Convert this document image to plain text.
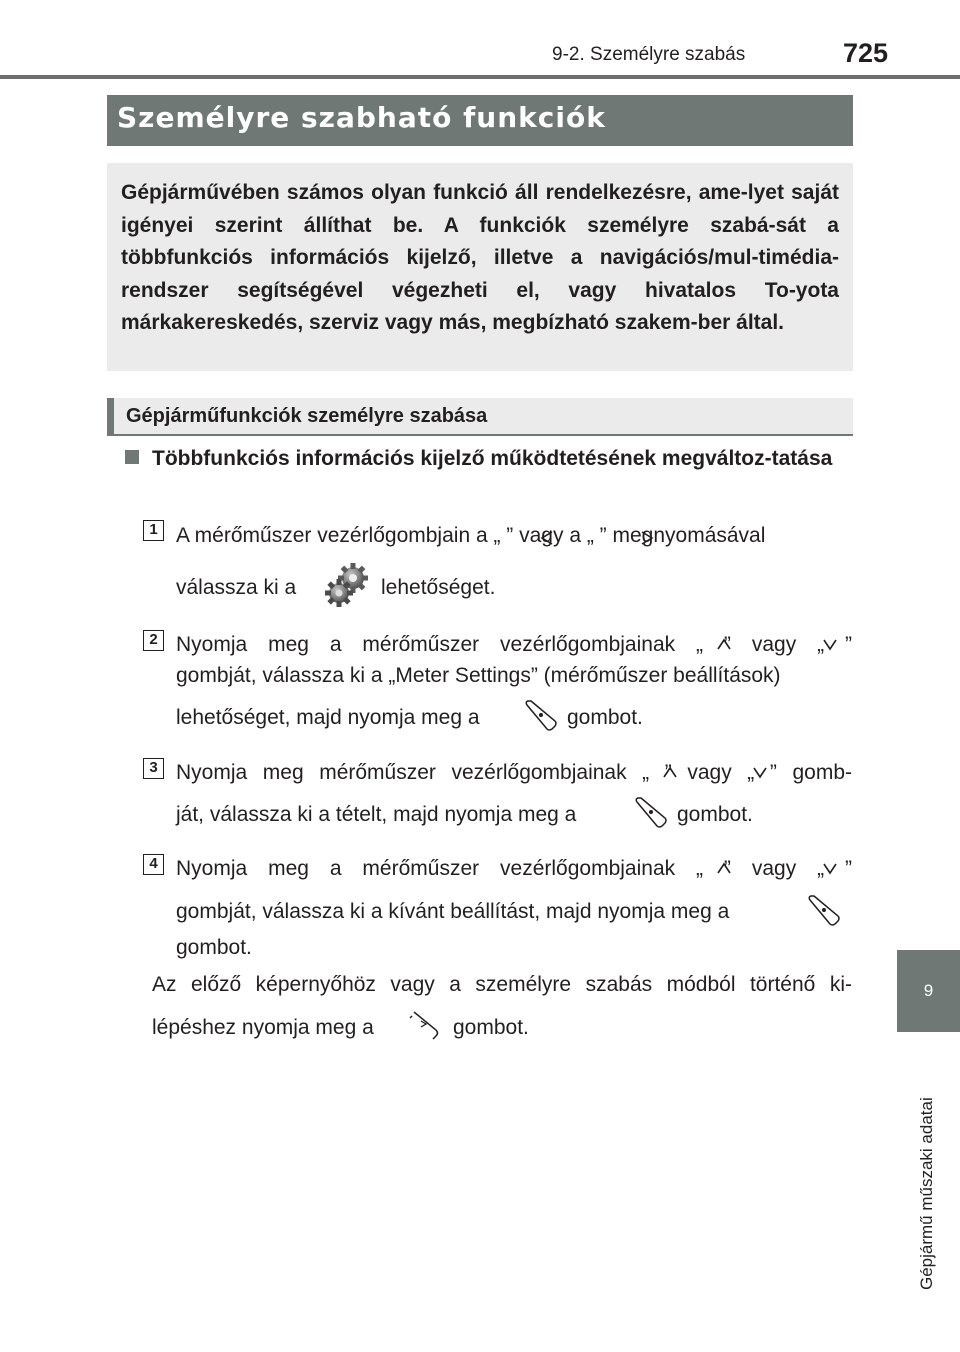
9-2. Személyre szabás	725
9
Gépjármű műszaki adatai
Személyre szabható funkciók

Gépjárművében számos olyan funkció áll rendelkezésre, ame-lyet saját igényei szerint állíthat be. A funkciók személyre szabá-sát a többfunkciós információs kijelző, illetve a navigációs/mul-timédia-rendszer segítségével végezheti el, vagy hivatalos To-yota márkakereskedés, szerviz vagy más, megbízható szakem-ber által.

Gépjárműfunkciók személyre szabása
Többfunkciós információs kijelző működtetésének megváltoz-tatása
1 A mérőműszer vezérlőgombjain a „ ” vagy a „ ” megnyomásával
válassza ki a	lehetőséget.
2 Nyomja meg a mérőműszer vezérlőgombjainak „ ” vagy „ ”
gombját, válassza ki a „Meter Settings” (mérőműszer beállítások)
lehetőséget, majd nyomja meg a	gombot.
3 Nyomja meg mérőműszer vezérlőgombjainak „ ” vagy „ ” gomb-
ját, válassza ki a tételt, majd nyomja meg a	gombot.
4 Nyomja meg a mérőműszer vezérlőgombjainak „ ” vagy „ ”
gombját, válassza ki a kívánt beállítást, majd nyomja meg a
gombot.
Az előző képernyőhöz vagy a személyre szabás módból történő ki-
lépéshez nyomja meg a	gombot.
